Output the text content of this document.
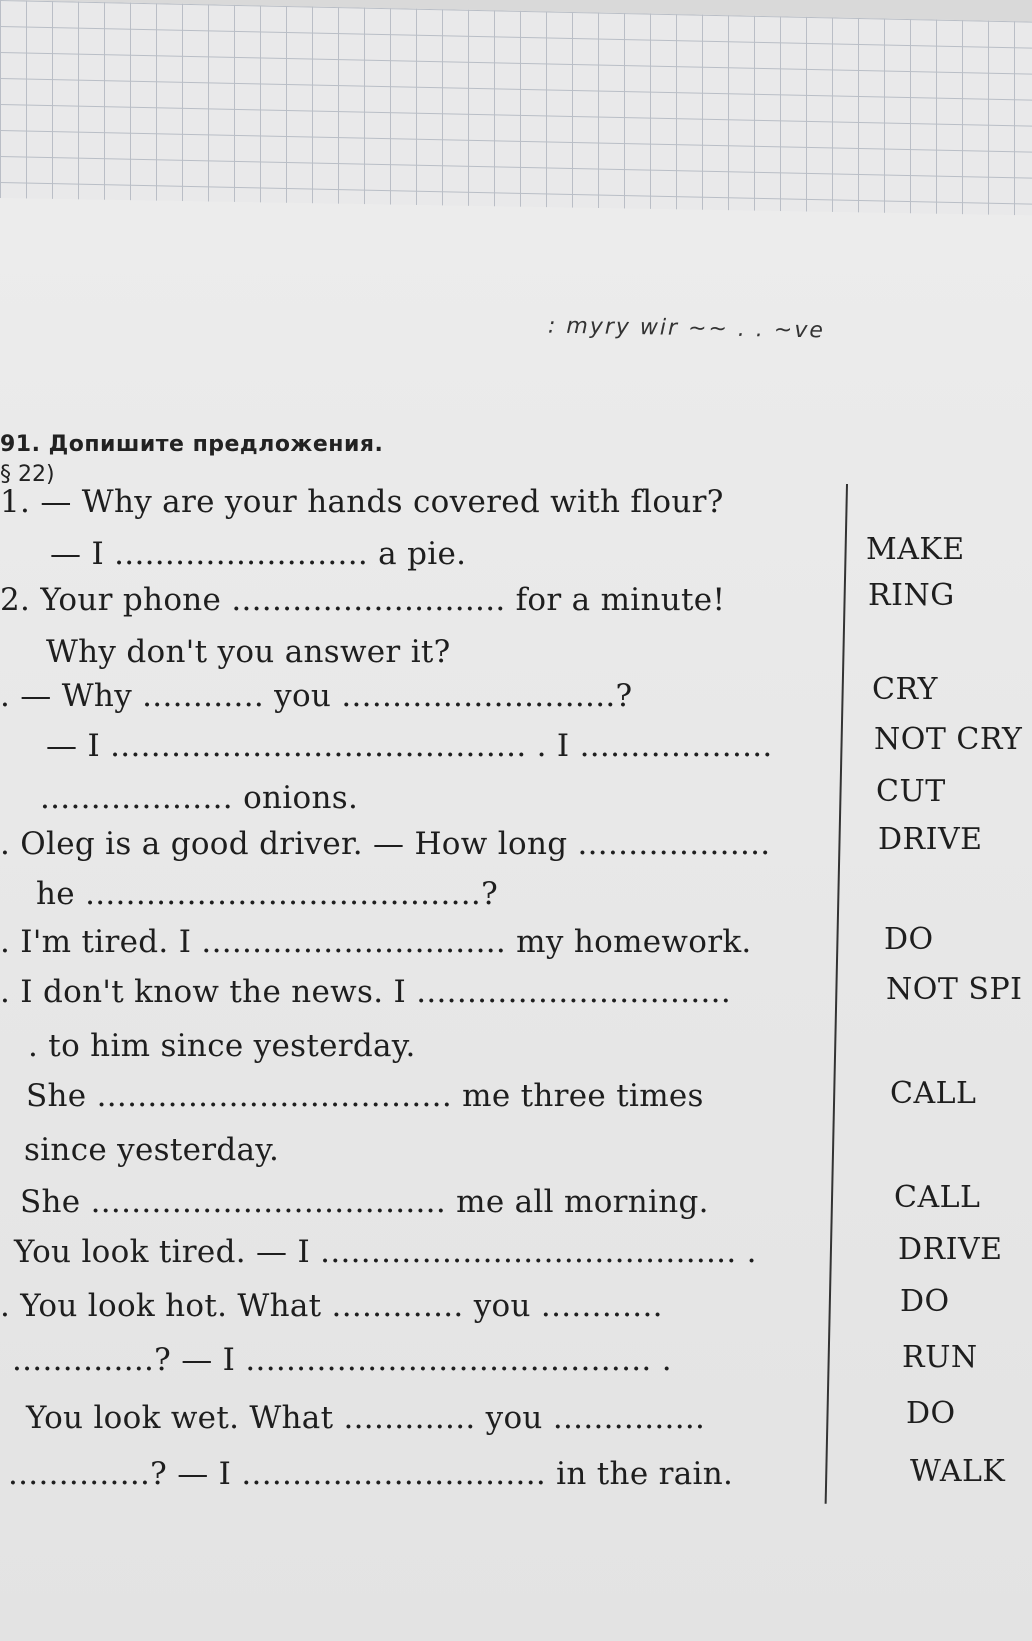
: myry wir ~~ . . ~ve
91. Допишите предложения.
§ 22)
1. — Why are your hands covered with flour?
— I ......................... a pie.
2. Your phone ........................... for a minute!
Why don't you answer it?
. — Why ............ you ...........................?
— I ......................................... . I ...................
................... onions.
. Oleg is a good driver. — How long ...................
he .......................................?
. I'm tired. I .............................. my homework.
. I don't know the news. I ...............................
. to him since yesterday.
She ................................... me three times
since yesterday.
She ................................... me all morning.
You look tired. — I ......................................... .
. You look hot. What ............. you ............
..............? — I ........................................ .
You look wet. What ............. you ...............
..............? — I .............................. in the rain.
MAKE
RING
CRY
NOT CRY
CUT
DRIVE
DO
NOT SPI
CALL
CALL
DRIVE
DO
RUN
DO
WALK
